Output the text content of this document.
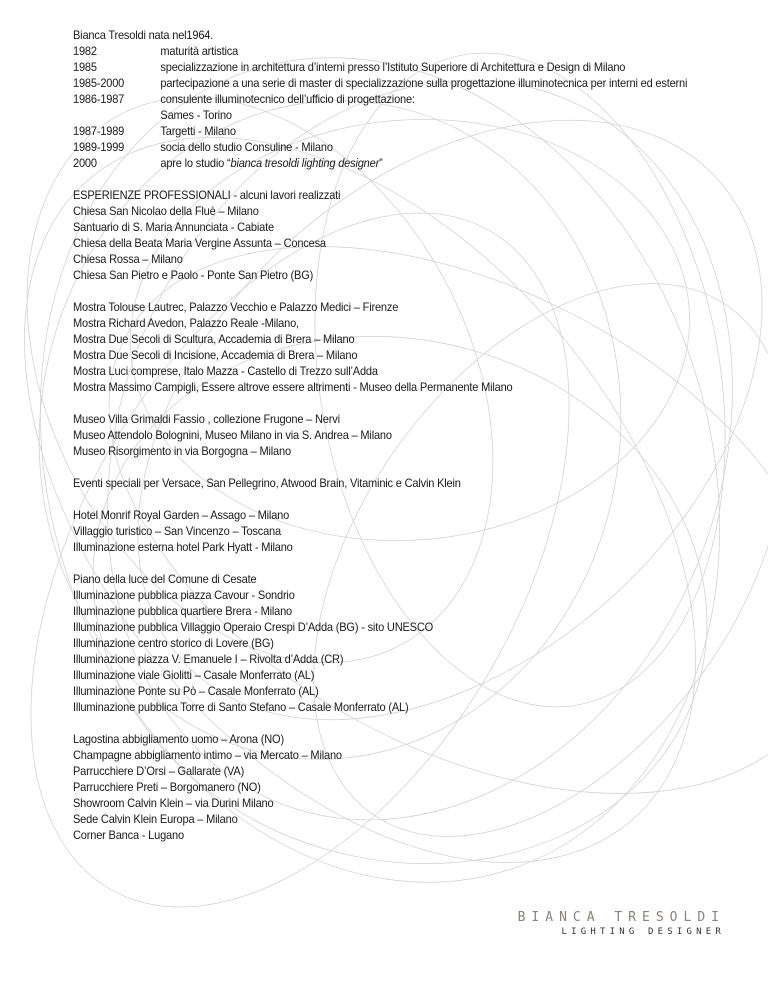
Bianca Tresoldi nata nel1964.
1982	maturità artistica
1985	specializzazione in architettura d’interni presso l’Istituto Superiore di Architettura e Design di Milano
1985-2000	partecipazione a una serie di master di specializzazione sulla progettazione illuminotecnica per interni ed esterni
1986-1987	consulente illuminotecnico dell’ufficio di progettazione:
Sames - Torino
1987-1989	Targetti - Milano
1989-1999	socia dello studio Consuline - Milano
2000	apre lo studio “bianca tresoldi lighting designer”
ESPERIENZE PROFESSIONALI - alcuni lavori realizzati
Chiesa San Nicolao della Fluè – Milano
Santuario di S. Maria Annunciata - Cabiate
Chiesa della Beata Maria Vergine Assunta – Concesa
Chiesa Rossa – Milano
Chiesa San Pietro e Paolo - Ponte San Pietro (BG)
Mostra Tolouse Lautrec, Palazzo Vecchio e Palazzo Medici – Firenze
Mostra Richard Avedon, Palazzo Reale -Milano,
Mostra Due Secoli di Scultura, Accademia di Brera – Milano
Mostra Due Secoli di Incisione, Accademia di Brera – Milano
Mostra Luci comprese, Italo Mazza - Castello di Trezzo sull’Adda
Mostra Massimo Campigli, Essere altrove essere altrimenti - Museo della Permanente Milano
Museo Villa Grimaldi Fassio , collezione Frugone – Nervi
Museo Attendolo Bolognini, Museo Milano in via S. Andrea – Milano
Museo Risorgimento in via Borgogna – Milano
Eventi speciali per Versace, San Pellegrino, Atwood Brain, Vitaminic e Calvin Klein
Hotel Monrif Royal Garden – Assago – Milano
Villaggio turistico – San Vincenzo – Toscana
Illuminazione esterna hotel Park Hyatt - Milano
Piano della luce del Comune di Cesate
Illuminazione pubblica piazza Cavour - Sondrio
Illuminazione pubblica quartiere Brera - Milano
Illuminazione pubblica Villaggio Operaio Crespi D’Adda (BG) - sito UNESCO
Illuminazione centro storico di Lovere (BG)
Illuminazione piazza V. Emanuele I – Rivolta d’Adda (CR)
Illuminazione viale Giolitti – Casale Monferrato (AL)
Illuminazione Ponte su Pò – Casale Monferrato (AL)
Illuminazione pubblica Torre di Santo Stefano – Casale Monferrato (AL)
Lagostina abbigliamento uomo – Arona (NO)
Champagne abbigliamento intimo – via Mercato – Milano
Parrucchiere D’Orsi – Gallarate (VA)
Parrucchiere Preti – Borgomanero (NO)
Showroom Calvin Klein – via Durini Milano
Sede Calvin Klein Europa – Milano
Corner Banca - Lugano
BIANCA TRESOLDI
LIGHTING DESIGNER
